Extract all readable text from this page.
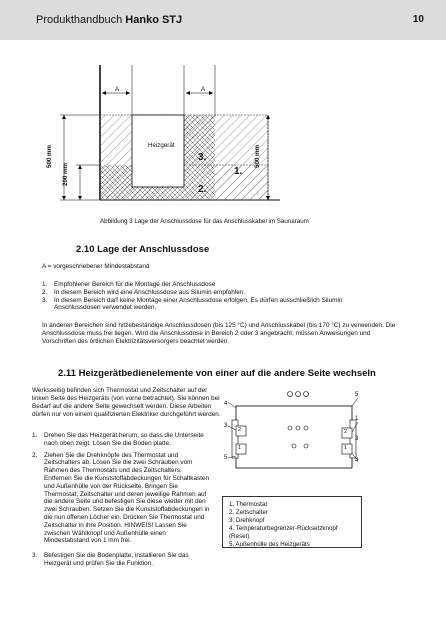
Produkthandbuch Hanko STJ	10
A	A
Heizgerät
3.
1.
2.
500 mm
200 mm
500 mm
Abbildung 3 Lage der Anschlussdose für das Anschlusskabel im Saunaraum
2.10 Lage der Anschlussdose
A = vorgeschriebener Mindestabstand
1. Empfohlener Bereich für die Montage der Anschlussdose
2. In diesem Bereich wird eine Anschlussdose aus Silumin empfohlen.
3. In diesem Bereich darf keine Montage einer Anschlussdose erfolgen. Es dürfen ausschließlich Silumin Anschlussdosen verwendet werden.
In anderen Bereichen sind hitzebeständige Anschlussdosen (bis 125 °C) und Anschlusskabel (bis 170 °C) zu verwenden. Die Anschlussdose muss frei liegen. Wird die Anschlussdose in Bereich 2 oder 3 angebracht, müssen Anweisungen und Vorschriften des örtlichen Elektrizitätsversorgers beachtet werden.
2.11 Heizgerätbedienelemente von einer auf die andere Seite wechseln
Werksseitig befinden sich Thermostat und Zeitschalter auf der linken Seite des Heizgeräts (von vorne betrachtet). Sie können bei Bedarf auf die andere Seite gewechselt werden. Diese Arbeiten dürfen nur von einem qualifizierten Elektriker durchgeführt werden.
1. Drehen Sie das Heizgerät herum, so dass die Unterseite nach oben zeigt. Lösen Sie die Boden platte.
2. Ziehen Sie die Drehknöpfe des Thermostat und Zeitschalters ab. Lösen Sie die zwei Schrauben vom Rahmen des Thermostats und des Zeitschalters. Entfernen Sie die Kunststoffabdeckungen für Schaltkasten und Außenhülle von der Rückseite. Bringen Sie Thermostat, Zeitschalter und deren jeweilige Rahmen auf die andere Seite und befestigen Sie diese wieder mit den zwei Schrauben. Setzen Sie die Kunststoffabdeckungen in die nun offenen Löcher ein. Drücken Sie Thermostat und Zeitschalter in ihre Position. HINWEIS! Lassen Sie zwischen Wählknopf und Außenhülle einen Mindestabstand von 1 mm frei.
3. Befestigen Sie die Bodenplatte, installieren Sie das Heizgerät und prüfen Sie die Funktion.
4
5
3
1
3
5	4
2
1
2
1
1. Thermostat
2. Zeitschalter
3. Drehknopf
4. Temperaturbegrenzer-Rücksetzknopf (Reset)
5. Außenhülle des Heizgeräts
